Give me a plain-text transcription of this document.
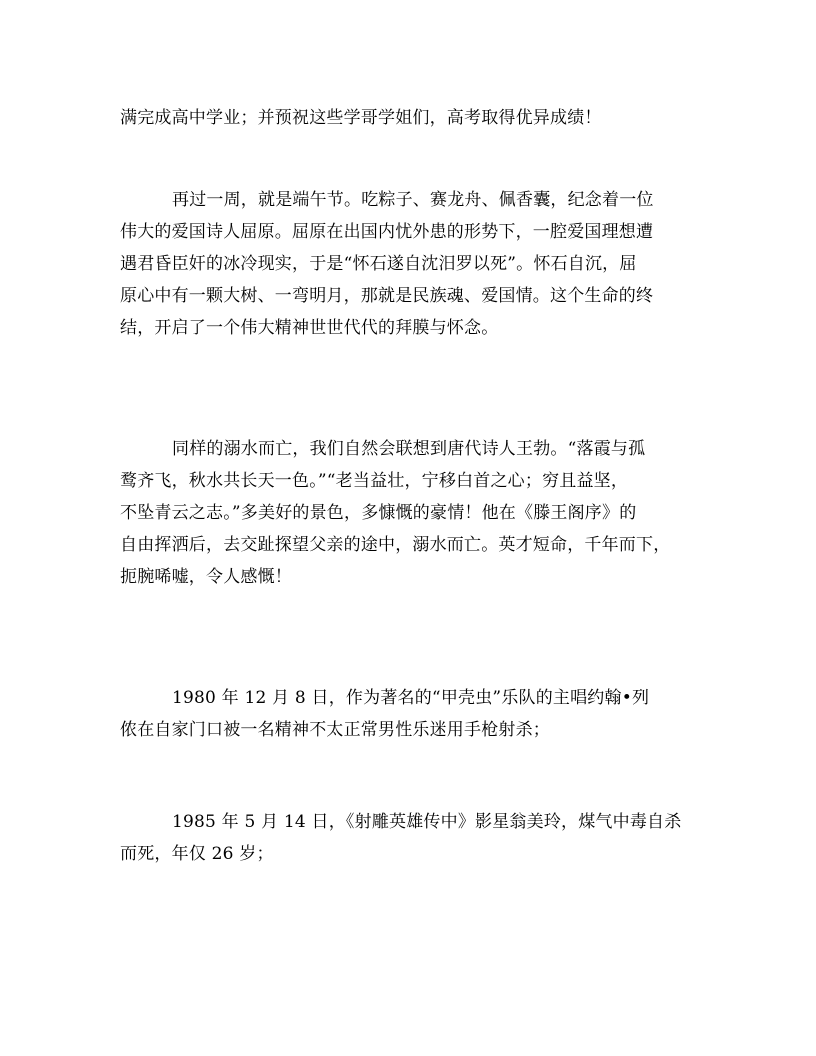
满完成高中学业；并预祝这些学哥学姐们，高考取得优异成绩！

再过一周，就是端午节。吃粽子、赛龙舟、佩香囊，纪念着一位
伟大的爱国诗人屈原。屈原在出国内忧外患的形势下，一腔爱国理想遭
遇君昏臣奸的冰冷现实，于是“怀石遂自沈汨罗以死”。怀石自沉，屈
原心中有一颗大树、一弯明月，那就是民族魂、爱国情。这个生命的终
结，开启了一个伟大精神世世代代的拜膜与怀念。

同样的溺水而亡，我们自然会联想到唐代诗人王勃。“落霞与孤
鹜齐飞，秋水共长天一色。”“老当益壮，宁移白首之心；穷且益坚，
不坠青云之志。”多美好的景色，多慷慨的豪情！他在《滕王阁序》的
自由挥洒后，去交趾探望父亲的途中，溺水而亡。英才短命，千年而下，
扼腕唏嘘，令人感慨！

1980 年 12 月 8 日，作为著名的“甲壳虫”乐队的主唱约翰•列
侬在自家门口被一名精神不太正常男性乐迷用手枪射杀；

1985 年 5 月 14 日，《射雕英雄传中》影星翁美玲，煤气中毒自杀
而死，年仅 26 岁；
